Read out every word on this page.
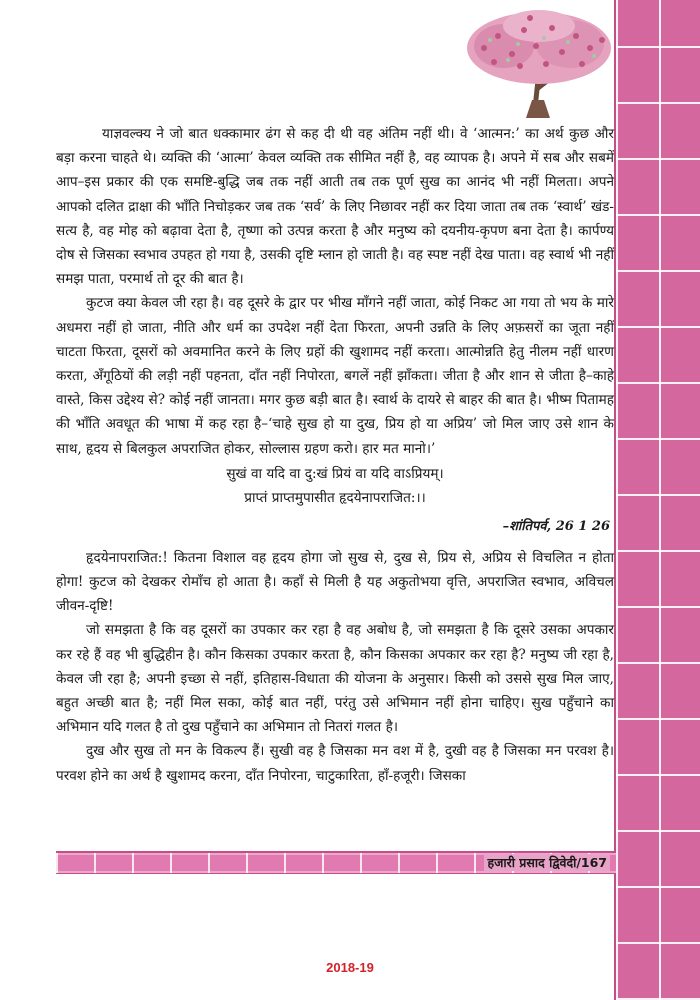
याज्ञवल्क्य ने जो बात धक्कामार ढंग से कह दी थी वह अंतिम नहीं थी। वे ‘आत्मन:’ का अर्थ कुछ और बड़ा करना चाहते थे। व्यक्ति की ‘आत्मा’ केवल व्यक्ति तक सीमित नहीं है, वह व्यापक है। अपने में सब और सबमें आप–इस प्रकार की एक समष्टि-बुद्धि जब तक नहीं आती तब तक पूर्ण सुख का आनंद भी नहीं मिलता। अपने आपको दलित द्राक्षा की भाँति निचोड़कर जब तक ‘सर्व’ के लिए निछावर नहीं कर दिया जाता तब तक ‘स्वार्थ’ खंड-सत्य है, वह मोह को बढ़ावा देता है, तृष्णा को उत्पन्न करता है और मनुष्य को दयनीय-कृपण बना देता है। कार्पण्य दोष से जिसका स्वभाव उपहत हो गया है, उसकी दृष्टि म्लान हो जाती है। वह स्पष्ट नहीं देख पाता। वह स्वार्थ भी नहीं समझ पाता, परमार्थ तो दूर की बात है।

कुटज क्या केवल जी रहा है। वह दूसरे के द्वार पर भीख माँगने नहीं जाता, कोई निकट आ गया तो भय के मारे अधमरा नहीं हो जाता, नीति और धर्म का उपदेश नहीं देता फिरता, अपनी उन्नति के लिए अफ़सरों का जूता नहीं चाटता फिरता, दूसरों को अवमानित करने के लिए ग्रहों की खुशामद नहीं करता। आत्मोन्नति हेतु नीलम नहीं धारण करता, अँगूठियों की लड़ी नहीं पहनता, दाँत नहीं निपोरता, बगलें नहीं झाँकता। जीता है और शान से जीता है–काहे वास्ते, किस उद्देश्य से? कोई नहीं जानता। मगर कुछ बड़ी बात है। स्वार्थ के दायरे से बाहर की बात है। भीष्म पितामह की भाँति अवधूत की भाषा में कह रहा है–‘चाहे सुख हो या दुख, प्रिय हो या अप्रिय’ जो मिल जाए उसे शान के साथ, हृदय से बिलकुल अपराजित होकर, सोल्लास ग्रहण करो। हार मत मानो।’

सुखं वा यदि वा दु:खं प्रियं वा यदि वाऽप्रियम्।
प्राप्तं प्राप्तमुपासीत हृदयेनापराजित:।।
–शांतिपर्व, 26 1 26

हृदयेनापराजित:! कितना विशाल वह हृदय होगा जो सुख से, दुख से, प्रिय से, अप्रिय से विचलित न होता होगा! कुटज को देखकर रोमाँच हो आता है। कहाँ से मिली है यह अकुतोभया वृत्ति, अपराजित स्वभाव, अविचल जीवन-दृष्टि!

जो समझता है कि वह दूसरों का उपकार कर रहा है वह अबोध है, जो समझता है कि दूसरे उसका अपकार कर रहे हैं वह भी बुद्धिहीन है। कौन किसका उपकार करता है, कौन किसका अपकार कर रहा है? मनुष्य जी रहा है, केवल जी रहा है; अपनी इच्छा से नहीं, इतिहास-विधाता की योजना के अनुसार। किसी को उससे सुख मिल जाए, बहुत अच्छी बात है; नहीं मिल सका, कोई बात नहीं, परंतु उसे अभिमान नहीं होना चाहिए। सुख पहुँचाने का अभिमान यदि गलत है तो दुख पहुँचाने का अभिमान तो नितरां गलत है।

दुख और सुख तो मन के विकल्प हैं। सुखी वह है जिसका मन वश में है, दुखी वह है जिसका मन परवश है। परवश होने का अर्थ है खुशामद करना, दाँत निपोरना, चाटुकारिता, हाँ-हजूरी। जिसका

हजारी प्रसाद द्विवेदी/167
2018-19
